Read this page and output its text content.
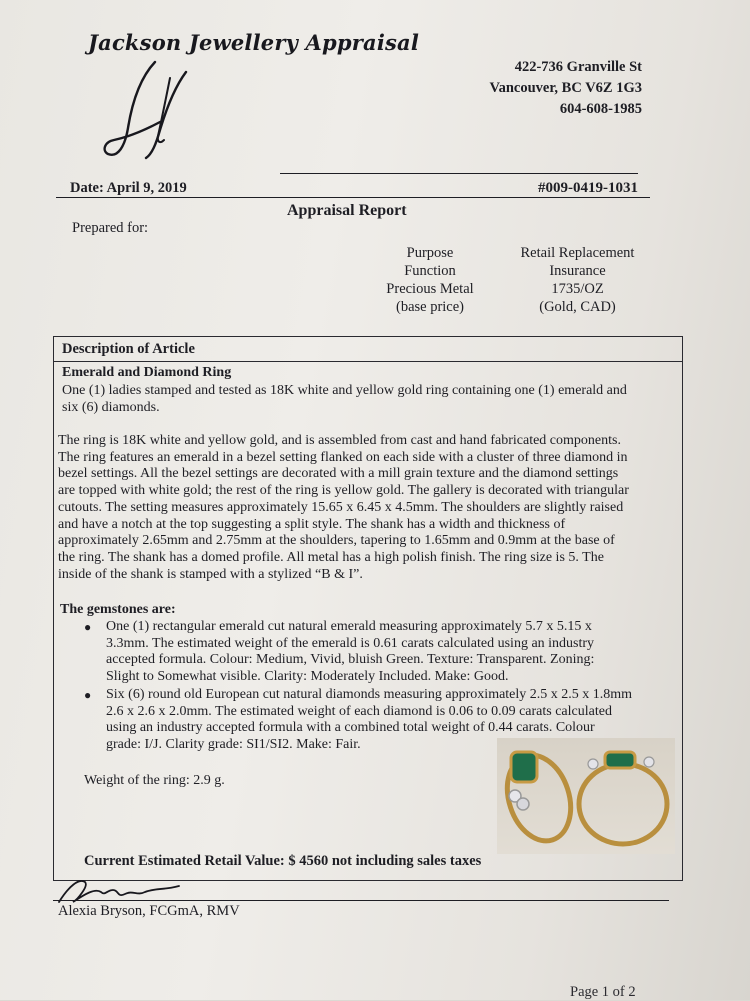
Jackson Jewellery Appraisal
422-736 Granville St
Vancouver, BC V6Z 1G3
604-608-1985
Date: April 9, 2019	#009-0419-1031
Appraisal Report
Prepared for:
Purpose
Function
Precious Metal
(base price)
Retail Replacement
Insurance
1735/OZ
(Gold, CAD)
Description of Article
Emerald and Diamond Ring
One (1) ladies stamped and tested as 18K white and yellow gold ring containing one (1) emerald and
six (6) diamonds.
The ring is 18K white and yellow gold, and is assembled from cast and hand fabricated components.
The ring features an emerald in a bezel setting flanked on each side with a cluster of three diamond in
bezel settings. All the bezel settings are decorated with a mill grain texture and the diamond settings
are topped with white gold; the rest of the ring is yellow gold. The gallery is decorated with triangular
cutouts. The setting measures approximately 15.65 x 6.45 x 4.5mm. The shoulders are slightly raised
and have a notch at the top suggesting a split style. The shank has a width and thickness of
approximately 2.65mm and 2.75mm at the shoulders, tapering to 1.65mm and 0.9mm at the base of
the ring. The shank has a domed profile. All metal has a high polish finish. The ring size is 5. The
inside of the shank is stamped with a stylized “B & I”.
The gemstones are:
● One (1) rectangular emerald cut natural emerald measuring approximately 5.7 x 5.15 x
3.3mm. The estimated weight of the emerald is 0.61 carats calculated using an industry
accepted formula. Colour: Medium, Vivid, bluish Green. Texture: Transparent. Zoning:
Slight to Somewhat visible. Clarity: Moderately Included. Make: Good.
● Six (6) round old European cut natural diamonds measuring approximately 2.5 x 2.5 x 1.8mm
2.6 x 2.6 x 2.0mm. The estimated weight of each diamond is 0.06 to 0.09 carats calculated
using an industry accepted formula with a combined total weight of 0.44 carats. Colour
grade: I/J. Clarity grade: SI1/SI2. Make: Fair.
Weight of the ring: 2.9 g.
Current Estimated Retail Value: $ 4560 not including sales taxes
Alexia Bryson, FCGmA, RMV
Page 1 of 2
